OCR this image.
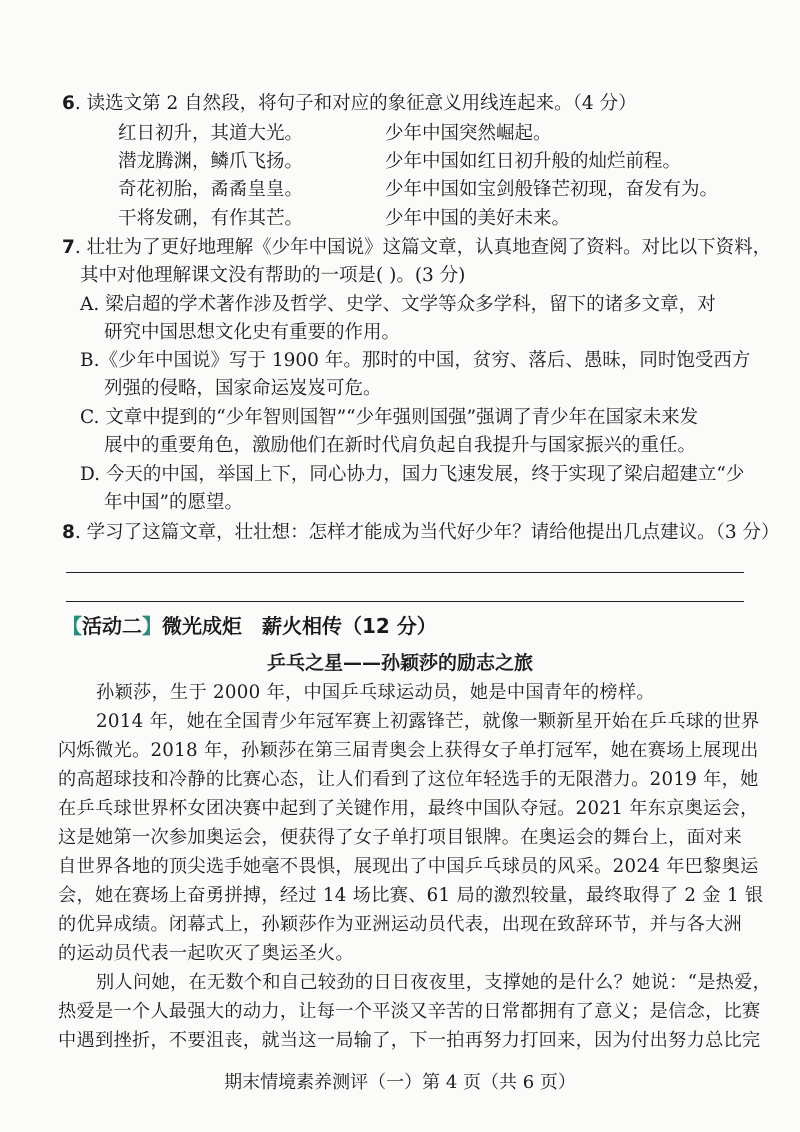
6. 读选文第 2 自然段，将句子和对应的象征意义用线连起来。（4 分）
红日初升，其道大光。	少年中国突然崛起。
潜龙腾渊，鳞爪飞扬。	少年中国如红日初升般的灿烂前程。
奇花初胎，矞矞皇皇。	少年中国如宝剑般锋芒初现，奋发有为。
干将发硎，有作其芒。	少年中国的美好未来。
7. 壮壮为了更好地理解《少年中国说》这篇文章，认真地查阅了资料。对比以下资料，
其中对他理解课文没有帮助的一项是( )。(3 分)
A. 梁启超的学术著作涉及哲学、史学、文学等众多学科，留下的诸多文章，对
研究中国思想文化史有重要的作用。
B.《少年中国说》写于 1900 年。那时的中国，贫穷、落后、愚昧，同时饱受西方
列强的侵略，国家命运岌岌可危。
C. 文章中提到的“少年智则国智”“少年强则国强”强调了青少年在国家未来发
展中的重要角色，激励他们在新时代肩负起自我提升与国家振兴的重任。
D. 今天的中国，举国上下，同心协力，国力飞速发展，终于实现了梁启超建立“少
年中国”的愿望。
8. 学习了这篇文章，壮壮想：怎样才能成为当代好少年？请给他提出几点建议。（3 分）
【活动二】微光成炬　薪火相传（12 分）
乒乓之星——孙颖莎的励志之旅
孙颖莎，生于 2000 年，中国乒乓球运动员，她是中国青年的榜样。
2014 年，她在全国青少年冠军赛上初露锋芒，就像一颗新星开始在乒乓球的世界
闪烁微光。2018 年，孙颖莎在第三届青奥会上获得女子单打冠军，她在赛场上展现出
的高超球技和冷静的比赛心态，让人们看到了这位年轻选手的无限潜力。2019 年，她
在乒乓球世界杯女团决赛中起到了关键作用，最终中国队夺冠。2021 年东京奥运会，
这是她第一次参加奥运会，便获得了女子单打项目银牌。在奥运会的舞台上，面对来
自世界各地的顶尖选手她毫不畏惧，展现出了中国乒乓球员的风采。2024 年巴黎奥运
会，她在赛场上奋勇拼搏，经过 14 场比赛、61 局的激烈较量，最终取得了 2 金 1 银
的优异成绩。闭幕式上，孙颖莎作为亚洲运动员代表，出现在致辞环节，并与各大洲
的运动员代表一起吹灭了奥运圣火。
别人问她，在无数个和自己较劲的日日夜夜里，支撑她的是什么？她说：“是热爱，
热爱是一个人最强大的动力，让每一个平淡又辛苦的日常都拥有了意义；是信念，比赛
中遇到挫折，不要沮丧，就当这一局输了，下一拍再努力打回来，因为付出努力总比完
期末情境素养测评（一）第 4 页（共 6 页）
